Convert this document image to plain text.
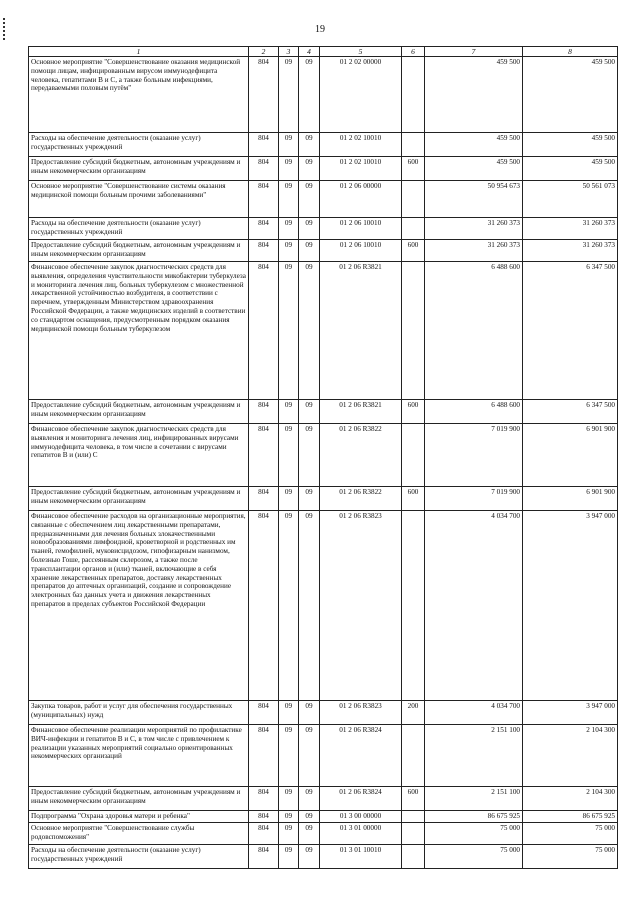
19
1	2	3	4	5	6	7	8
Основное мероприятие "Совершенствование оказания медицинской помощи лицам, инфицированным вирусом иммунодефицита человека, гепатитами В и С, а также больным инфекциями, передаваемыми половым путём"	804	09	09	01 2 02 00000		459 500	459 500
Расходы на обеспечение деятельности (оказание услуг) государственных учреждений	804	09	09	01 2 02 10010		459 500	459 500
Предоставление субсидий бюджетным, автономным учреждениям и иным некоммерческим организациям	804	09	09	01 2 02 10010	600	459 500	459 500
Основное мероприятие "Совершенствование системы оказания медицинской помощи больным прочими заболеваниями"	804	09	09	01 2 06 00000		50 954 673	50 561 073
Расходы на обеспечение деятельности (оказание услуг) государственных учреждений	804	09	09	01 2 06 10010		31 260 373	31 260 373
Предоставление субсидий бюджетным, автономным учреждениям и иным некоммерческим организациям	804	09	09	01 2 06 10010	600	31 260 373	31 260 373
Финансовое обеспечение закупок диагностических средств для выявления, определения чувствительности микобактерии туберкулеза и мониторинга лечения лиц, больных туберкулезом с множественной лекарственной устойчивостью возбудителя, в соответствии с перечнем, утвержденным Министерством здравоохранения Российской Федерации, а также медицинских изделий в соответствии со стандартом оснащения, предусмотренным порядком оказания медицинской помощи больным туберкулезом	804	09	09	01 2 06 R3821		6 488 600	6 347 500
Предоставление субсидий бюджетным, автономным учреждениям и иным некоммерческим организациям	804	09	09	01 2 06 R3821	600	6 488 600	6 347 500
Финансовое обеспечение закупок диагностических средств для выявления и мониторинга лечения лиц, инфицированных вирусами иммунодефицита человека, в том числе в сочетании с вирусами гепатитов В и (или) С	804	09	09	01 2 06 R3822		7 019 900	6 901 900
Предоставление субсидий бюджетным, автономным учреждениям и иным некоммерческим организациям	804	09	09	01 2 06 R3822	600	7 019 900	6 901 900
Финансовое обеспечение расходов на организационные мероприятия, связанные с обеспечением лиц лекарственными препаратами, предназначенными для лечения больных злокачественными новообразованиями лимфоидной, кроветворной и родственных им тканей, гемофилией, муковисцидозом, гипофизарным нанизмом, болезнью Гоше, рассеянным склерозом, а также после трансплантации органов и (или) тканей, включающие в себя хранение лекарственных препаратов, доставку лекарственных препаратов до аптечных организаций, создание и сопровождение электронных баз данных учета и движения лекарственных препаратов в пределах субъектов Российской Федерации	804	09	09	01 2 06 R3823		4 034 700	3 947 000
Закупка товаров, работ и услуг для обеспечения государственных (муниципальных) нужд	804	09	09	01 2 06 R3823	200	4 034 700	3 947 000
Финансовое обеспечение реализации мероприятий по профилактике ВИЧ-инфекции и гепатитов В и С, в том числе с привлечением к реализации указанных мероприятий социально ориентированных некоммерческих организаций	804	09	09	01 2 06 R3824		2 151 100	2 104 300
Предоставление субсидий бюджетным, автономным учреждениям и иным некоммерческим организациям	804	09	09	01 2 06 R3824	600	2 151 100	2 104 300
Подпрограмма "Охрана здоровья матери и ребенка"	804	09	09	01 3 00 00000		86 675 925	86 675 925
Основное мероприятие "Совершенствование службы родовспоможения"	804	09	09	01 3 01 00000		75 000	75 000
Расходы на обеспечение деятельности (оказание услуг) государственных учреждений	804	09	09	01 3 01 10010		75 000	75 000
